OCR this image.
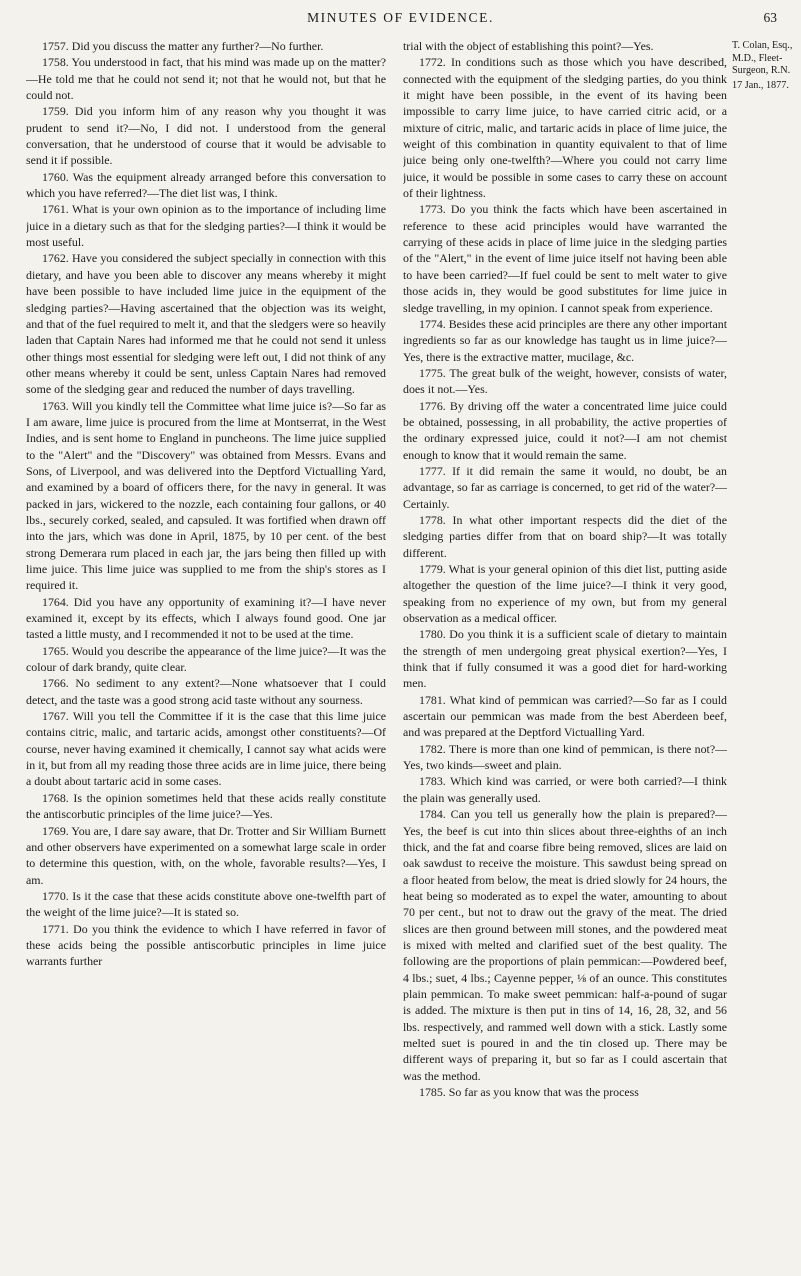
MINUTES OF EVIDENCE.	63

1757. Did you discuss the matter any further?—No further.

1758. You understood in fact, that his mind was made up on the matter?—He told me that he could not send it; not that he would not, but that he could not.

1759. Did you inform him of any reason why you thought it was prudent to send it?—No, I did not. I understood from the general conversation, that he understood of course that it would be advisable to send it if possible.

1760. Was the equipment already arranged before this conversation to which you have referred?—The diet list was, I think.

1761. What is your own opinion as to the importance of including lime juice in a dietary such as that for the sledging parties?—I think it would be most useful.

1762. Have you considered the subject specially in connection with this dietary, and have you been able to discover any means whereby it might have been possible to have included lime juice in the equipment of the sledging parties?—Having ascertained that the objection was its weight, and that of the fuel required to melt it, and that the sledgers were so heavily laden that Captain Nares had informed me that he could not send it unless other things most essential for sledging were left out, I did not think of any other means whereby it could be sent, unless Captain Nares had removed some of the sledging gear and reduced the number of days travelling.

1763. Will you kindly tell the Committee what lime juice is?—So far as I am aware, lime juice is procured from the lime at Montserrat, in the West Indies, and is sent home to England in puncheons. The lime juice supplied to the "Alert" and the "Discovery" was obtained from Messrs. Evans and Sons, of Liverpool, and was delivered into the Deptford Victualling Yard, and examined by a board of officers there, for the navy in general. It was packed in jars, wickered to the nozzle, each containing four gallons, or 40 lbs., securely corked, sealed, and capsuled. It was fortified when drawn off into the jars, which was done in April, 1875, by 10 per cent. of the best strong Demerara rum placed in each jar, the jars being then filled up with lime juice. This lime juice was supplied to me from the ship's stores as I required it.

1764. Did you have any opportunity of examining it?—I have never examined it, except by its effects, which I always found good. One jar tasted a little musty, and I recommended it not to be used at the time.

1765. Would you describe the appearance of the lime juice?—It was the colour of dark brandy, quite clear.

1766. No sediment to any extent?—None whatsoever that I could detect, and the taste was a good strong acid taste without any sourness.

1767. Will you tell the Committee if it is the case that this lime juice contains citric, malic, and tartaric acids, amongst other constituents?—Of course, never having examined it chemically, I cannot say what acids were in it, but from all my reading those three acids are in lime juice, there being a doubt about tartaric acid in some cases.

1768. Is the opinion sometimes held that these acids really constitute the antiscorbutic principles of the lime juice?—Yes.

1769. You are, I dare say aware, that Dr. Trotter and Sir William Burnett and other observers have experimented on a somewhat large scale in order to determine this question, with, on the whole, favorable results?—Yes, I am.

1770. Is it the case that these acids constitute above one-twelfth part of the weight of the lime juice?—It is stated so.

1771. Do you think the evidence to which I have referred in favor of these acids being the possible antiscorbutic principles in lime juice warrants further

trial with the object of establishing this point?—Yes.

1772. In conditions such as those which you have described, connected with the equipment of the sledging parties, do you think it might have been possible, in the event of its having been impossible to carry lime juice, to have carried citric acid, or a mixture of citric, malic, and tartaric acids in place of lime juice, the weight of this combination in quantity equivalent to that of lime juice being only one-twelfth?—Where you could not carry lime juice, it would be possible in some cases to carry these on account of their lightness.

1773. Do you think the facts which have been ascertained in reference to these acid principles would have warranted the carrying of these acids in place of lime juice in the sledging parties of the "Alert," in the event of lime juice itself not having been able to have been carried?—If fuel could be sent to melt water to give those acids in, they would be good substitutes for lime juice in sledge travelling, in my opinion. I cannot speak from experience.

1774. Besides these acid principles are there any other important ingredients so far as our knowledge has taught us in lime juice?—Yes, there is the extractive matter, mucilage, &c.

1775. The great bulk of the weight, however, consists of water, does it not.—Yes.

1776. By driving off the water a concentrated lime juice could be obtained, possessing, in all probability, the active properties of the ordinary expressed juice, could it not?—I am not chemist enough to know that it would remain the same.

1777. If it did remain the same it would, no doubt, be an advantage, so far as carriage is concerned, to get rid of the water?—Certainly.

1778. In what other important respects did the diet of the sledging parties differ from that on board ship?—It was totally different.

1779. What is your general opinion of this diet list, putting aside altogether the question of the lime juice?—I think it very good, speaking from no experience of my own, but from my general observation as a medical officer.

1780. Do you think it is a sufficient scale of dietary to maintain the strength of men undergoing great physical exertion?—Yes, I think that if fully consumed it was a good diet for hard-working men.

1781. What kind of pemmican was carried?—So far as I could ascertain our pemmican was made from the best Aberdeen beef, and was prepared at the Deptford Victualling Yard.

1782. There is more than one kind of pemmican, is there not?—Yes, two kinds—sweet and plain.

1783. Which kind was carried, or were both carried?—I think the plain was generally used.

1784. Can you tell us generally how the plain is prepared?—Yes, the beef is cut into thin slices about three-eighths of an inch thick, and the fat and coarse fibre being removed, slices are laid on oak sawdust to receive the moisture. This sawdust being spread on a floor heated from below, the meat is dried slowly for 24 hours, the heat being so moderated as to expel the water, amounting to about 70 per cent., but not to draw out the gravy of the meat. The dried slices are then ground between mill stones, and the powdered meat is mixed with melted and clarified suet of the best quality. The following are the proportions of plain pemmican:—Powdered beef, 4 lbs.; suet, 4 lbs.; Cayenne pepper, ⅛ of an ounce. This constitutes plain pemmican. To make sweet pemmican: half-a-pound of sugar is added. The mixture is then put in tins of 14, 16, 28, 32, and 56 lbs. respectively, and rammed well down with a stick. Lastly some melted suet is poured in and the tin closed up. There may be different ways of preparing it, but so far as I could ascertain that was the method.

1785. So far as you know that was the process

T. Colan, Esq., M.D., Fleet-Surgeon, R.N.
17 Jan., 1877.
